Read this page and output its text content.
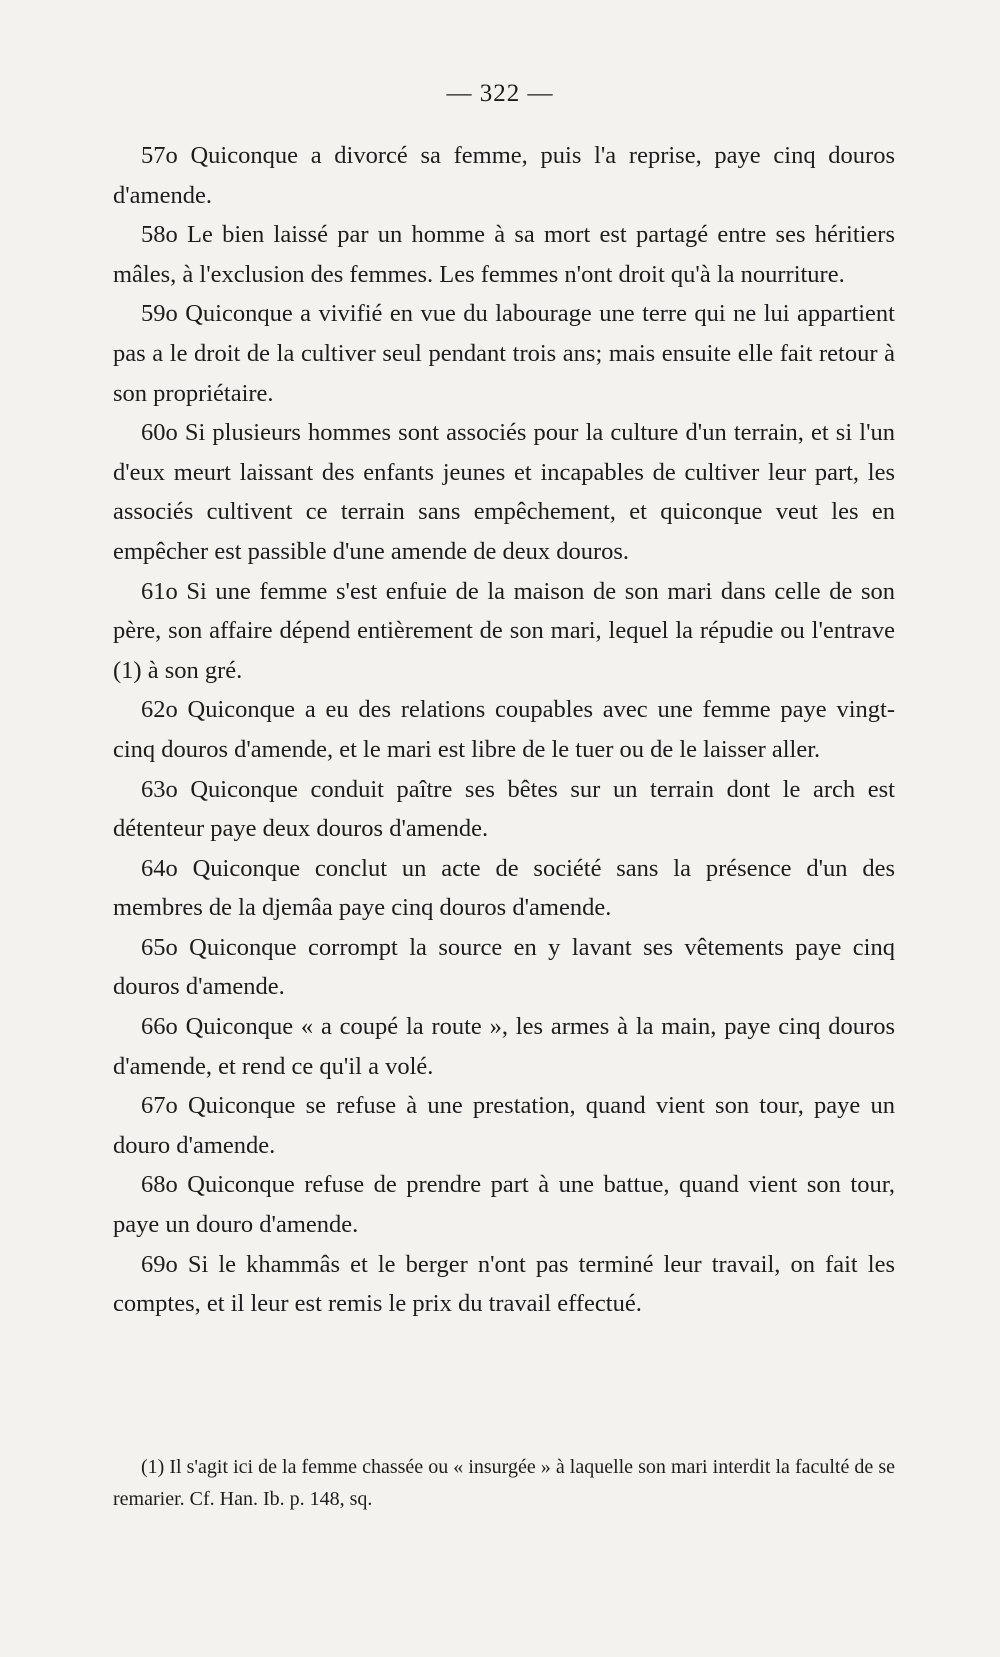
— 322 —

57o Quiconque a divorcé sa femme, puis l'a reprise, paye cinq douros d'amende.

58o Le bien laissé par un homme à sa mort est partagé entre ses héritiers mâles, à l'exclusion des femmes. Les femmes n'ont droit qu'à la nourriture.

59o Quiconque a vivifié en vue du labourage une terre qui ne lui appartient pas a le droit de la cultiver seul pendant trois ans; mais ensuite elle fait retour à son propriétaire.

60o Si plusieurs hommes sont associés pour la culture d'un terrain, et si l'un d'eux meurt laissant des enfants jeunes et incapables de cultiver leur part, les associés cultivent ce terrain sans empêchement, et quiconque veut les en empêcher est passible d'une amende de deux douros.

61o Si une femme s'est enfuie de la maison de son mari dans celle de son père, son affaire dépend entièrement de son mari, lequel la répudie ou l'entrave (1) à son gré.

62o Quiconque a eu des relations coupables avec une femme paye vingt-cinq douros d'amende, et le mari est libre de le tuer ou de le laisser aller.

63o Quiconque conduit paître ses bêtes sur un terrain dont le arch est détenteur paye deux douros d'amende.

64o Quiconque conclut un acte de société sans la présence d'un des membres de la djemâa paye cinq douros d'amende.

65o Quiconque corrompt la source en y lavant ses vêtements paye cinq douros d'amende.

66o Quiconque « a coupé la route », les armes à la main, paye cinq douros d'amende, et rend ce qu'il a volé.

67o Quiconque se refuse à une prestation, quand vient son tour, paye un douro d'amende.

68o Quiconque refuse de prendre part à une battue, quand vient son tour, paye un douro d'amende.

69o Si le khammâs et le berger n'ont pas terminé leur travail, on fait les comptes, et il leur est remis le prix du travail effectué.

(1) Il s'agit ici de la femme chassée ou « insurgée » à laquelle son mari interdit la faculté de se remarier. Cf. Han. Ib. p. 148, sq.
